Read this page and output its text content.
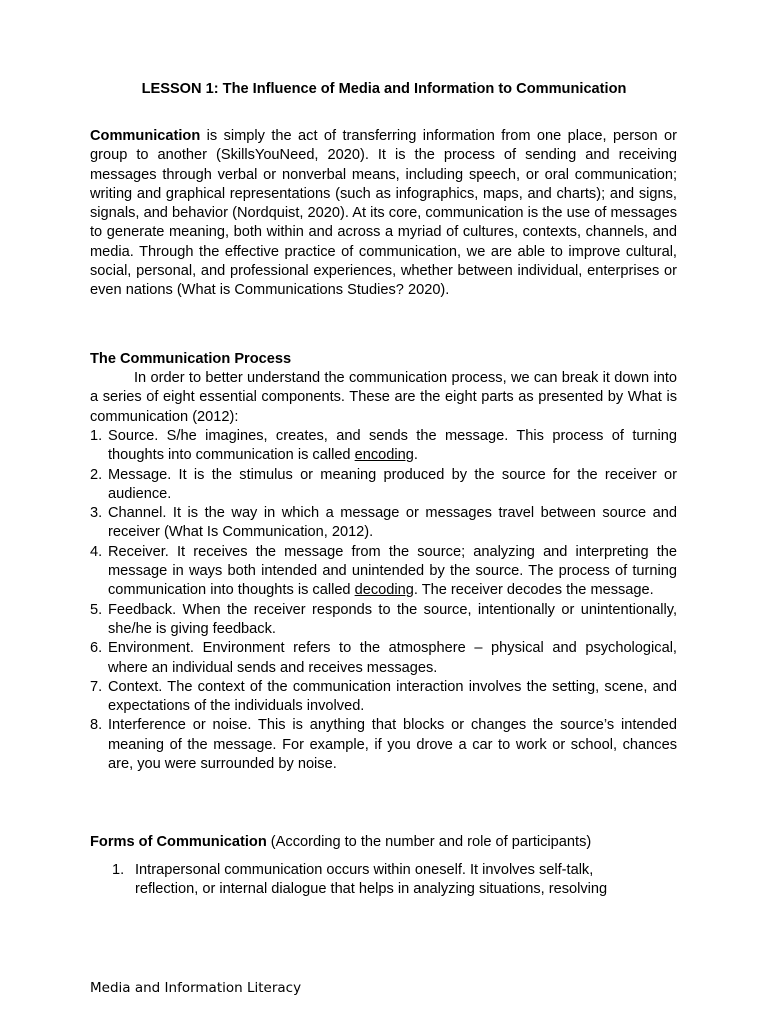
LESSON 1: The Influence of Media and Information to Communication

Communication is simply the act of transferring information from one place, person or group to another (SkillsYouNeed, 2020). It is the process of sending and receiving messages through verbal or nonverbal means, including speech, or oral communication; writing and graphical representations (such as infographics, maps, and charts); and signs, signals, and behavior (Nordquist, 2020). At its core, communication is the use of messages to generate meaning, both within and across a myriad of cultures, contexts, channels, and media. Through the effective practice of communication, we are able to improve cultural, social, personal, and professional experiences, whether between individual, enterprises or even nations (What is Communications Studies? 2020).

The Communication Process

In order to better understand the communication process, we can break it down into a series of eight essential components. These are the eight parts as presented by What is communication (2012):

1. Source. S/he imagines, creates, and sends the message. This process of turning thoughts into communication is called encoding.
2. Message. It is the stimulus or meaning produced by the source for the receiver or audience.
3. Channel. It is the way in which a message or messages travel between source and receiver (What Is Communication, 2012).
4. Receiver. It receives the message from the source; analyzing and interpreting the message in ways both intended and unintended by the source. The process of turning communication into thoughts is called decoding. The receiver decodes the message.
5. Feedback. When the receiver responds to the source, intentionally or unintentionally, she/he is giving feedback.
6. Environment. Environment refers to the atmosphere – physical and psychological, where an individual sends and receives messages.
7. Context. The context of the communication interaction involves the setting, scene, and expectations of the individuals involved.
8. Interference or noise. This is anything that blocks or changes the source’s intended meaning of the message. For example, if you drove a car to work or school, chances are, you were surrounded by noise.
Forms of Communication (According to the number and role of participants)
1. Intrapersonal communication occurs within oneself. It involves self-talk, reflection, or internal dialogue that helps in analyzing situations, resolving
Media and Information Literacy
